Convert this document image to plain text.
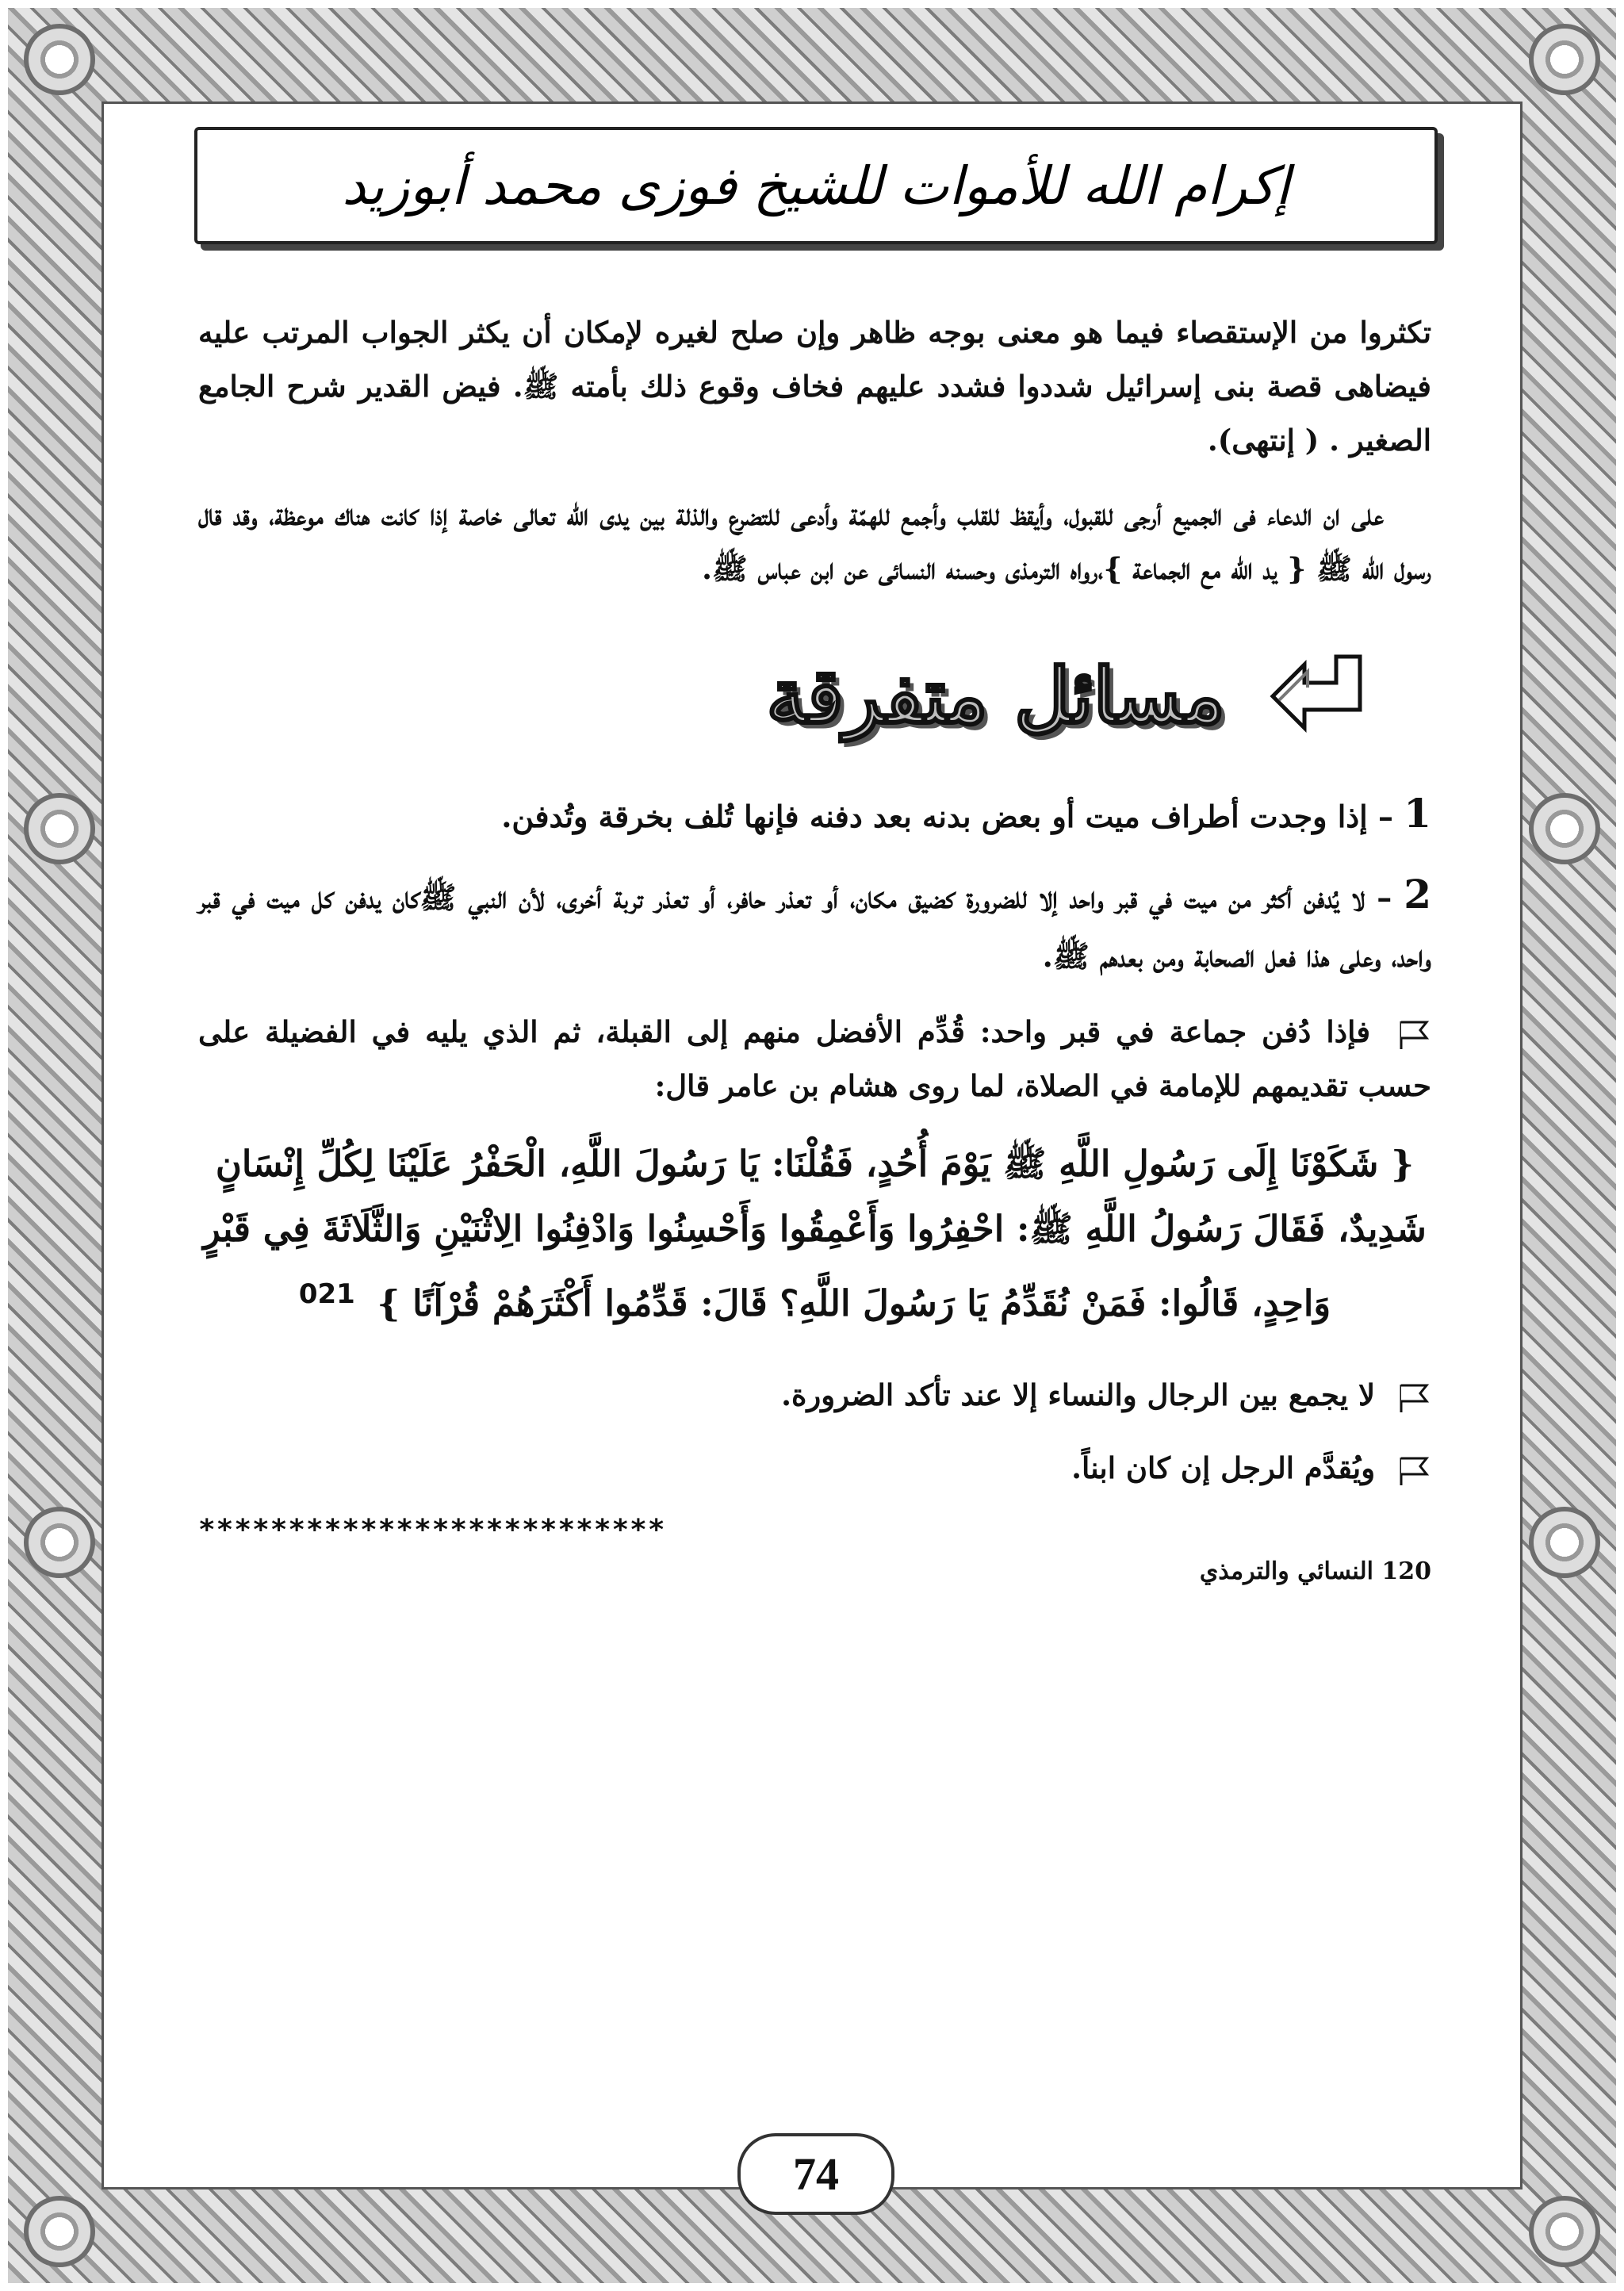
إكرام الله للأموات للشيخ فوزى محمد أبوزيد

تكثروا من الإستقصاء فيما هو معنى بوجه ظاهر وإن صلح لغيره لإمكان أن يكثر الجواب المرتب عليه فيضاهى قصة بنى إسرائيل شددوا فشدد عليهم فخاف وقوع ذلك بأمته ﷺ. فيض القدير شرح الجامع الصغير . ( إنتهى).

على ان الدعاء فى الجميع أرجى للقبول، وأيقظ للقلب وأجمع للهمّة وأدعى للتضرع والذلة بين يدى الله تعالى خاصة إذا كانت هناك موعظة، وقد قال رسول الله ﷺ { يد الله مع الجماعة }،رواه الترمذى وحسنه النسائى عن ابن عباس ﷺ.

مسائل متفرقة

1 – إذا وجدت أطراف ميت أو بعض بدنه بعد دفنه فإنها تُلف بخرقة وتُدفن.

2 – لا يُدفن أكثر من ميت في قبر واحد إلا للضرورة كضيق مكان، أو تعذر حافر، أو تعذر تربة أخرى، لأن النبي ﷺكان يدفن كل ميت في قبر واحد، وعلى هذا فعل الصحابة ومن بعدهم ﷺ.

فإذا دُفن جماعة في قبر واحد: قُدِّم الأفضل منهم إلى القبلة، ثم الذي يليه في الفضيلة على حسب تقديمهم للإمامة في الصلاة، لما روى هشام بن عامر قال:

{ شَكَوْنَا إِلَى رَسُولِ اللَّهِ ﷺ يَوْمَ أُحُدٍ، فَقُلْنَا: يَا رَسُولَ اللَّهِ، الْحَفْرُ عَلَيْنَا لِكُلِّ إِنْسَانٍ شَدِيدٌ، فَقَالَ رَسُولُ اللَّهِ ﷺ: احْفِرُوا وَأَعْمِقُوا وَأَحْسِنُوا وَادْفِنُوا الِاثْنَيْنِ وَالثَّلَاثَةَ فِي قَبْرٍ وَاحِدٍ، قَالُوا: فَمَنْ نُقَدِّمُ يَا رَسُولَ اللَّهِ؟ قَالَ: قَدِّمُوا أَكْثَرَهُمْ قُرْآنًا } $^{021}$

لا يجمع بين الرجال والنساء إلا عند تأكد الضرورة.

ويُقدَّم الرجل إن كان ابناً.

**************************
120 النسائي والترمذي
74
